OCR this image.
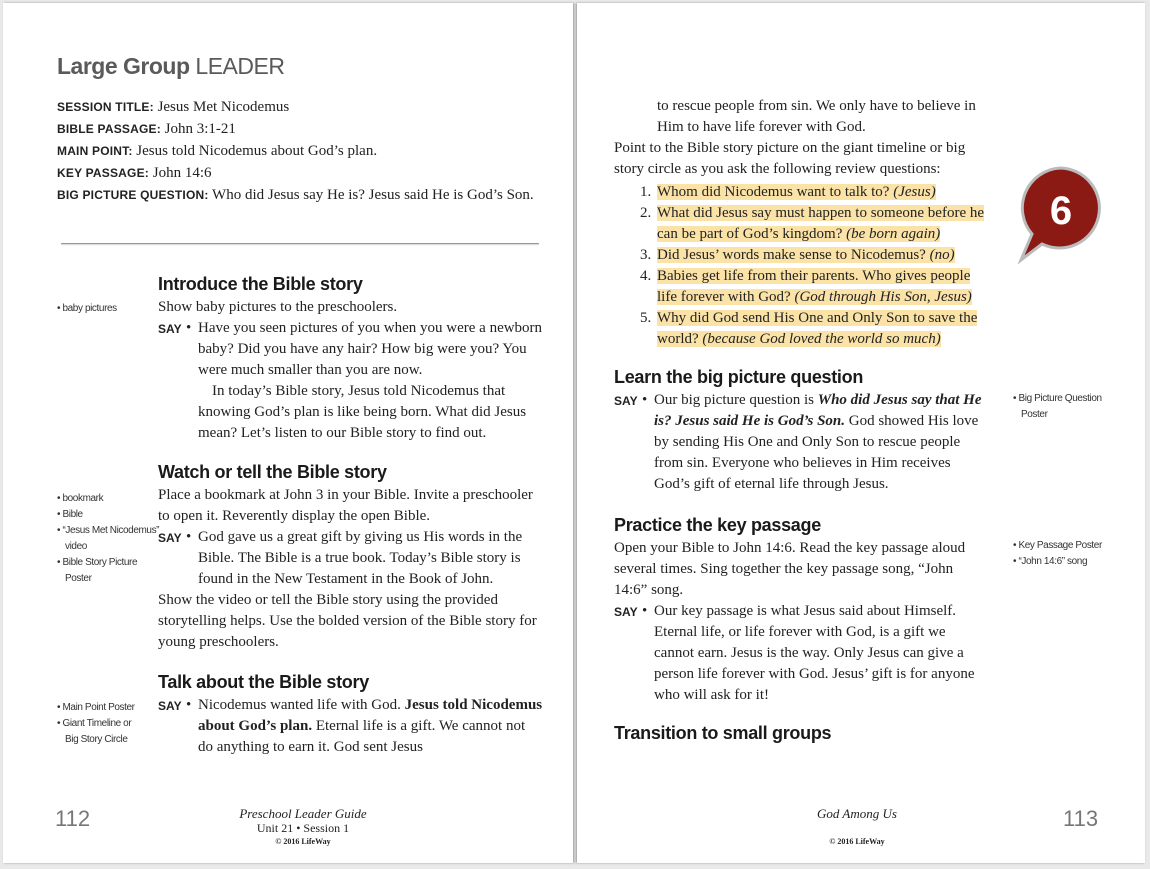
Large Group LEADER
SESSION TITLE: Jesus Met Nicodemus
BIBLE PASSAGE: John 3:1-21
MAIN POINT: Jesus told Nicodemus about God’s plan.
KEY PASSAGE: John 14:6
BIG PICTURE QUESTION: Who did Jesus say He is? Jesus said He is God’s Son.
• baby pictures
Introduce the Bible story
Show baby pictures to the preschoolers.
SAY • Have you seen pictures of you when you were a newborn baby? Did you have any hair? How big were you? You were much smaller than you are now.
In today’s Bible story, Jesus told Nicodemus that knowing God’s plan is like being born. What did Jesus mean? Let’s listen to our Bible story to find out.
• bookmark
• Bible
• “Jesus Met Nicodemus”
video
• Bible Story Picture
Poster
Watch or tell the Bible story
Place a bookmark at John 3 in your Bible. Invite a preschooler to open it. Reverently display the open Bible.
SAY • God gave us a great gift by giving us His words in the Bible. The Bible is a true book. Today’s Bible story is found in the New Testament in the Book of John.
Show the video or tell the Bible story using the provided storytelling helps. Use the bolded version of the Bible story for young preschoolers.
• Main Point Poster
• Giant Timeline or
Big Story Circle
Talk about the Bible story
SAY • Nicodemus wanted life with God. Jesus told Nicodemus about God’s plan. Eternal life is a gift. We cannot not do anything to earn it. God sent Jesus
112	Preschool Leader Guide
Unit 21 • Session 1
© 2016 LifeWay
to rescue people from sin. We only have to believe in Him to have life forever with God.
Point to the Bible story picture on the giant timeline or big story circle as you ask the following review questions:
1. Whom did Nicodemus want to talk to? (Jesus)
2. What did Jesus say must happen to someone before he can be part of God’s kingdom? (be born again)
3. Did Jesus’ words make sense to Nicodemus? (no)
4. Babies get life from their parents. Who gives people life forever with God? (God through His Son, Jesus)
5. Why did God send His One and Only Son to save the world? (because God loved the world so much)
6
Learn the big picture question
SAY • Our big picture question is Who did Jesus say that He is? Jesus said He is God’s Son. God showed His love by sending His One and Only Son to rescue people from sin. Everyone who believes in Him receives God’s gift of eternal life through Jesus.
• Big Picture Question
Poster
Practice the key passage
Open your Bible to John 14:6. Read the key passage aloud several times. Sing together the key passage song, “John 14:6” song.
SAY • Our key passage is what Jesus said about Himself. Eternal life, or life forever with God, is a gift we cannot earn. Jesus is the way. Only Jesus can give a person life forever with God. Jesus’ gift is for anyone who will ask for it!
• Key Passage Poster
• “John 14:6” song
Transition to small groups
God Among Us
© 2016 LifeWay
113
